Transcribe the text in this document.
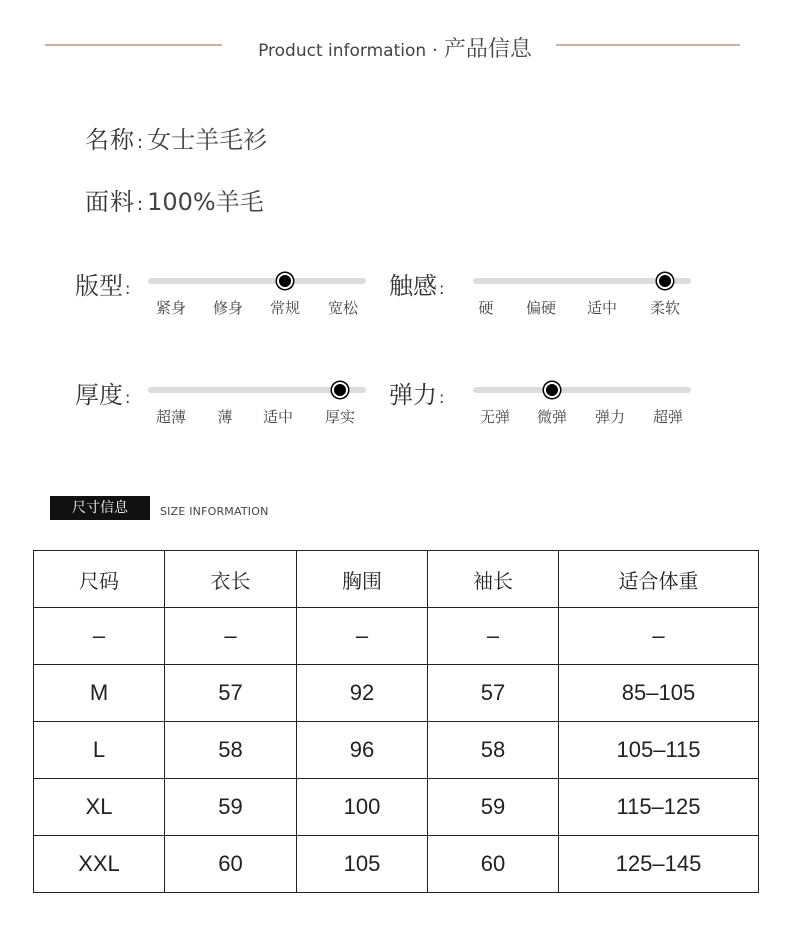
Product information · 产品信息
名称 : 女士羊毛衫
面料 : 100%羊毛
版型 :
紧身 修身 常规 宽松
触感 :
硬 偏硬 适中 柔软
厚度 :
超薄 薄 适中 厚实
弹力 :
无弹 微弹 弹力 超弹
尺寸信息	SIZE INFORMATION
尺码	衣长	胸围	袖长	适合体重
–	–	–	–	–
M	57	92	57	85–105
L	58	96	58	105–115
XL	59	100	59	115–125
XXL	60	105	60	125–145
